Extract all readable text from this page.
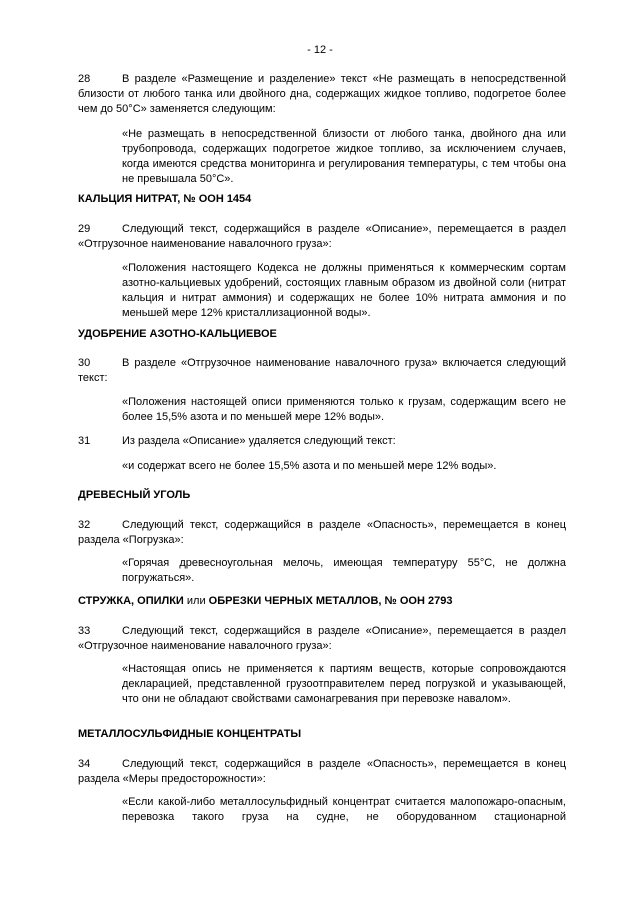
- 12 -
28	В разделе «Размещение и разделение» текст «Не размещать в непосредственной близости от любого танка или двойного дна, содержащих жидкое топливо, подогретое более чем до 50°C» заменяется следующим:
«Не размещать в непосредственной близости от любого танка, двойного дна или трубопровода, содержащих подогретое жидкое топливо, за исключением случаев, когда имеются средства мониторинга и регулирования температуры, с тем чтобы она не превышала 50°C».
КАЛЬЦИЯ НИТРАТ, № ООН 1454
29	Следующий текст, содержащийся в разделе «Описание», перемещается в раздел «Отгрузочное наименование навалочного груза»:
«Положения настоящего Кодекса не должны применяться к коммерческим сортам азотно-кальциевых удобрений, состоящих главным образом из двойной соли (нитрат кальция и нитрат аммония) и содержащих не более 10% нитрата аммония и по меньшей мере 12% кристаллизационной воды».
УДОБРЕНИЕ АЗОТНО-КАЛЬЦИЕВОЕ
30	В разделе «Отгрузочное наименование навалочного груза» включается следующий текст:
«Положения настоящей описи применяются только к грузам, содержащим всего не более 15,5% азота и по меньшей мере 12% воды».
31	Из раздела «Описание» удаляется следующий текст:
«и содержат всего не более 15,5% азота и по меньшей мере 12% воды».
ДРЕВЕСНЫЙ УГОЛЬ
32	Следующий текст, содержащийся в разделе «Опасность», перемещается в конец раздела «Погрузка»:
«Горячая древесноугольная мелочь, имеющая температуру 55°C, не должна погружаться».
СТРУЖКА, ОПИЛКИ или ОБРЕЗКИ ЧЕРНЫХ МЕТАЛЛОВ, № ООН 2793
33	Следующий текст, содержащийся в разделе «Описание», перемещается в раздел «Отгрузочное наименование навалочного груза»:
«Настоящая опись не применяется к партиям веществ, которые сопровождаются декларацией, представленной грузоотправителем перед погрузкой и указывающей, что они не обладают свойствами самонагревания при перевозке навалом».
МЕТАЛЛОСУЛЬФИДНЫЕ КОНЦЕНТРАТЫ
34	Следующий текст, содержащийся в разделе «Опасность», перемещается в конец раздела «Меры предосторожности»:
«Если какой-либо металлосульфидный концентрат считается малопожаро-опасным, перевозка такого груза на судне, не оборудованном стационарной
